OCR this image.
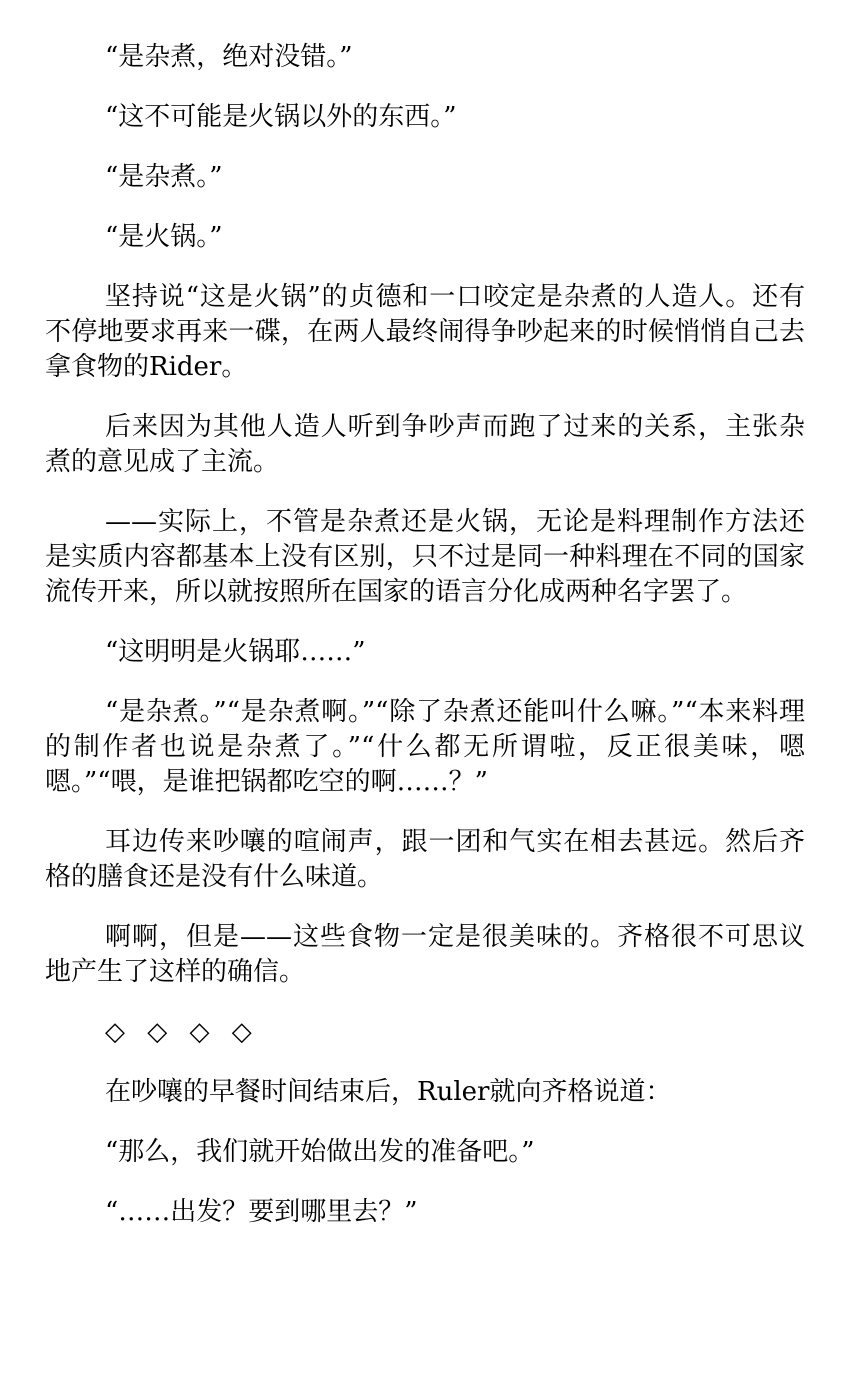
“是杂煮，绝对没错。”

“这不可能是火锅以外的东西。”

“是杂煮。”

“是火锅。”

坚持说“这是火锅”的贞德和一口咬定是杂煮的人造人。还有不停地要求再来一碟，在两人最终闹得争吵起来的时候悄悄自己去拿食物的Rider。

后来因为其他人造人听到争吵声而跑了过来的关系，主张杂煮的意见成了主流。

——实际上，不管是杂煮还是火锅，无论是料理制作方法还是实质内容都基本上没有区别，只不过是同一种料理在不同的国家流传开来，所以就按照所在国家的语言分化成两种名字罢了。

“这明明是火锅耶……”

“是杂煮。”“是杂煮啊。”“除了杂煮还能叫什么嘛。”“本来料理的制作者也说是杂煮了。”“什么都无所谓啦，反正很美味，嗯嗯。”“喂，是谁把锅都吃空的啊……？”

耳边传来吵嚷的喧闹声，跟一团和气实在相去甚远。然后齐格的膳食还是没有什么味道。

啊啊，但是——这些食物一定是很美味的。齐格很不可思议地产生了这样的确信。

◇ ◇ ◇ ◇

在吵嚷的早餐时间结束后，Ruler就向齐格说道：

“那么，我们就开始做出发的准备吧。”

“……出发？要到哪里去？”
